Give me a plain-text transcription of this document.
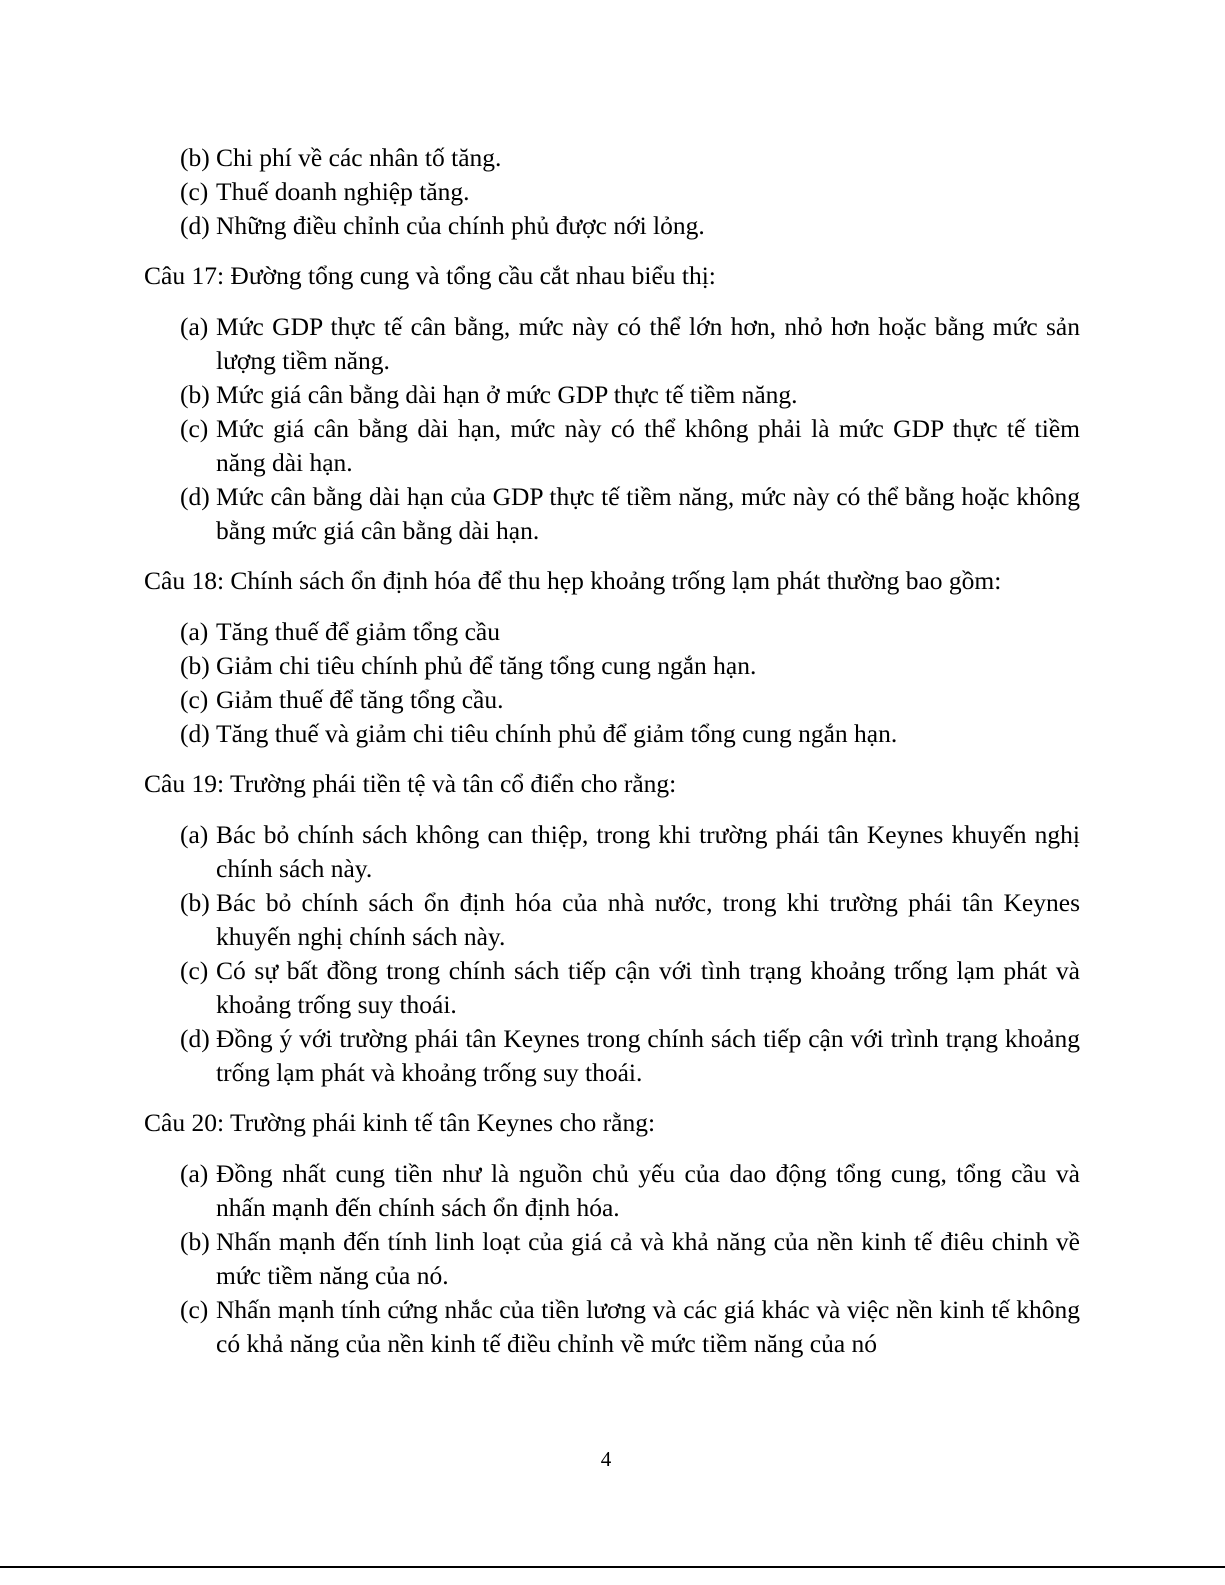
(b) Chi phí về các nhân tố tăng.
(c) Thuế doanh nghiệp tăng.
(d) Những điều chỉnh của chính phủ được nới lỏng.

Câu 17: Đường tổng cung và tổng cầu cắt nhau biểu thị:

(a) Mức GDP thực tế cân bằng, mức này có thể lớn hơn, nhỏ hơn hoặc bằng mức sản lượng tiềm năng.
(b) Mức giá cân bằng dài hạn ở mức GDP thực tế tiềm năng.
(c) Mức giá cân bằng dài hạn, mức này có thể không phải là mức GDP thực tế tiềm năng dài hạn.
(d) Mức cân bằng dài hạn của GDP thực tế tiềm năng, mức này có thể bằng hoặc không bằng mức giá cân bằng dài hạn.

Câu 18: Chính sách ổn định hóa để thu hẹp khoảng trống lạm phát thường bao gồm:

(a) Tăng thuế để giảm tổng cầu
(b) Giảm chi tiêu chính phủ để tăng tổng cung ngắn hạn.
(c) Giảm thuế để tăng tổng cầu.
(d) Tăng thuế và giảm chi tiêu chính phủ để giảm tổng cung ngắn hạn.

Câu 19: Trường phái tiền tệ và tân cổ điển cho rằng:

(a) Bác bỏ chính sách không can thiệp, trong khi trường phái tân Keynes khuyến nghị chính sách này.
(b) Bác bỏ chính sách ổn định hóa của nhà nước, trong khi trường phái tân Keynes khuyến nghị chính sách này.
(c) Có sự bất đồng trong chính sách tiếp cận với tình trạng khoảng trống lạm phát và khoảng trống suy thoái.
(d) Đồng ý với trường phái tân Keynes trong chính sách tiếp cận với trình trạng khoảng trống lạm phát và khoảng trống suy thoái.

Câu 20: Trường phái kinh tế tân Keynes cho rằng:

(a) Đồng nhất cung tiền như là nguồn chủ yếu của dao động tổng cung, tổng cầu và nhấn mạnh đến chính sách ổn định hóa.
(b) Nhấn mạnh đến tính linh loạt của giá cả và khả năng của nền kinh tế điêu chinh về mức tiềm năng của nó.
(c) Nhấn mạnh tính cứng nhắc của tiền lương và các giá khác và việc nền kinh tế không có khả năng của nền kinh tế điều chỉnh về mức tiềm năng của nó
4
